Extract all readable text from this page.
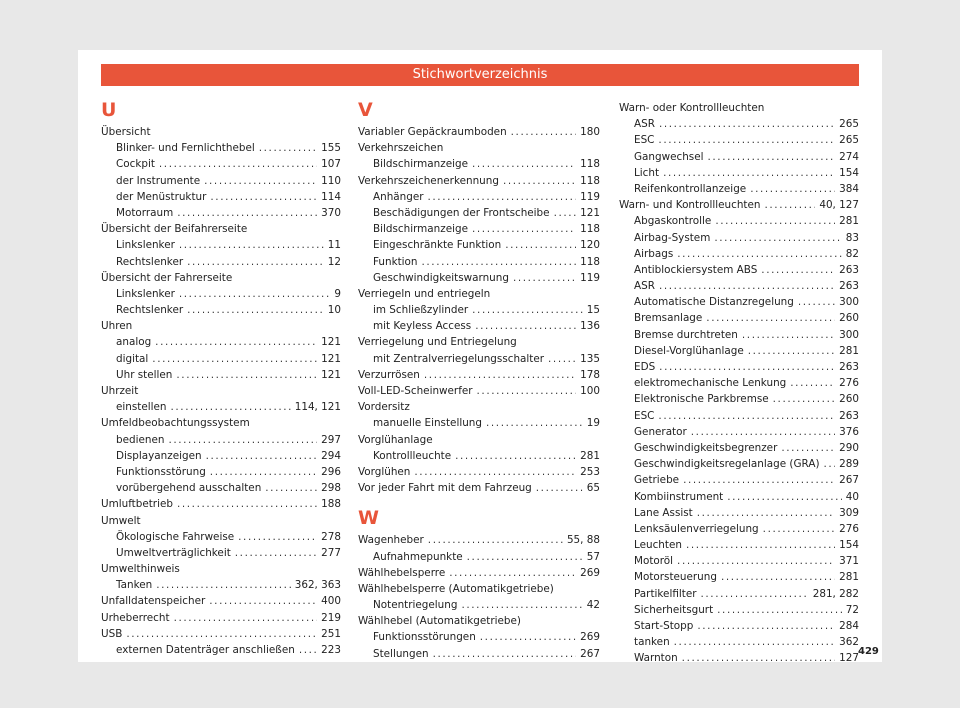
Stichwortverzeichnis
U
Übersicht
Blinker- und Fernlichthebel .....	155
Cockpit .....	107
der Instrumente .....	110
der Menüstruktur .....	114
Motorraum .....	370
Übersicht der Beifahrerseite
Linkslenker .....	11
Rechtslenker .....	12
Übersicht der Fahrerseite
Linkslenker .....	9
Rechtslenker .....	10
Uhren
analog .....	121
digital .....	121
Uhr stellen .....	121
Uhrzeit
einstellen .....	114, 121
Umfeldbeobachtungssystem
bedienen .....	297
Displayanzeigen .....	294
Funktionsstörung .....	296
vorübergehend ausschalten .....	298
Umluftbetrieb .....	188
Umwelt
Ökologische Fahrweise .....	278
Umweltverträglichkeit .....	277
Umwelthinweis
Tanken .....	362, 363
Unfalldatenspeicher .....	400
Urheberrecht .....	219
USB .....	251
externen Datenträger anschließen .....	223
V
Variabler Gepäckraumboden .....	180
Verkehrszeichen
Bildschirmanzeige .....	118
Verkehrszeichenerkennung .....	118
Anhänger .....	119
Beschädigungen der Frontscheibe .....	121
Bildschirmanzeige .....	118
Eingeschränkte Funktion .....	120
Funktion .....	118
Geschwindigkeitswarnung .....	119
Verriegeln und entriegeln
im Schließzylinder .....	15
mit Keyless Access .....	136
Verriegelung und Entriegelung
mit Zentralverriegelungsschalter .....	135
Verzurrösen .....	178
Voll-LED-Scheinwerfer .....	100
Vordersitz
manuelle Einstellung .....	19
Vorglühanlage
Kontrollleuchte .....	281
Vorglühen .....	253
Vor jeder Fahrt mit dem Fahrzeug .....	65
W
Wagenheber .....	55, 88
Aufnahmepunkte .....	57
Wählhebelsperre .....	269
Wählhebelsperre (Automatikgetriebe)
Notentriegelung .....	42
Wählhebel (Automatikgetriebe)
Funktionsstörungen .....	269
Stellungen .....	267
Warn- oder Kontrollleuchten
ASR .....	265
ESC .....	265
Gangwechsel .....	274
Licht .....	154
Reifenkontrollanzeige .....	384
Warn- und Kontrollleuchten .....	40, 127
Abgaskontrolle .....	281
Airbag-System .....	83
Airbags .....	82
Antiblockiersystem ABS .....	263
ASR .....	263
Automatische Distanzregelung .....	300
Bremsanlage .....	260
Bremse durchtreten .....	300
Diesel-Vorglühanlage .....	281
EDS .....	263
elektromechanische Lenkung .....	276
Elektronische Parkbremse .....	260
ESC .....	263
Generator .....	376
Geschwindigkeitsbegrenzer .....	290
Geschwindigkeitsregelanlage (GRA) ..... 289
Getriebe .....	267
Kombiinstrument .....	40
Lane Assist .....	309
Lenksäulenverriegelung .....	276
Leuchten .....	154
Motoröl .....	371
Motorsteuerung .....	281
Partikelfilter .....	281, 282
Sicherheitsgurt .....	72
Start-Stopp .....	284
tanken .....	362
Warnton .....	127
429
